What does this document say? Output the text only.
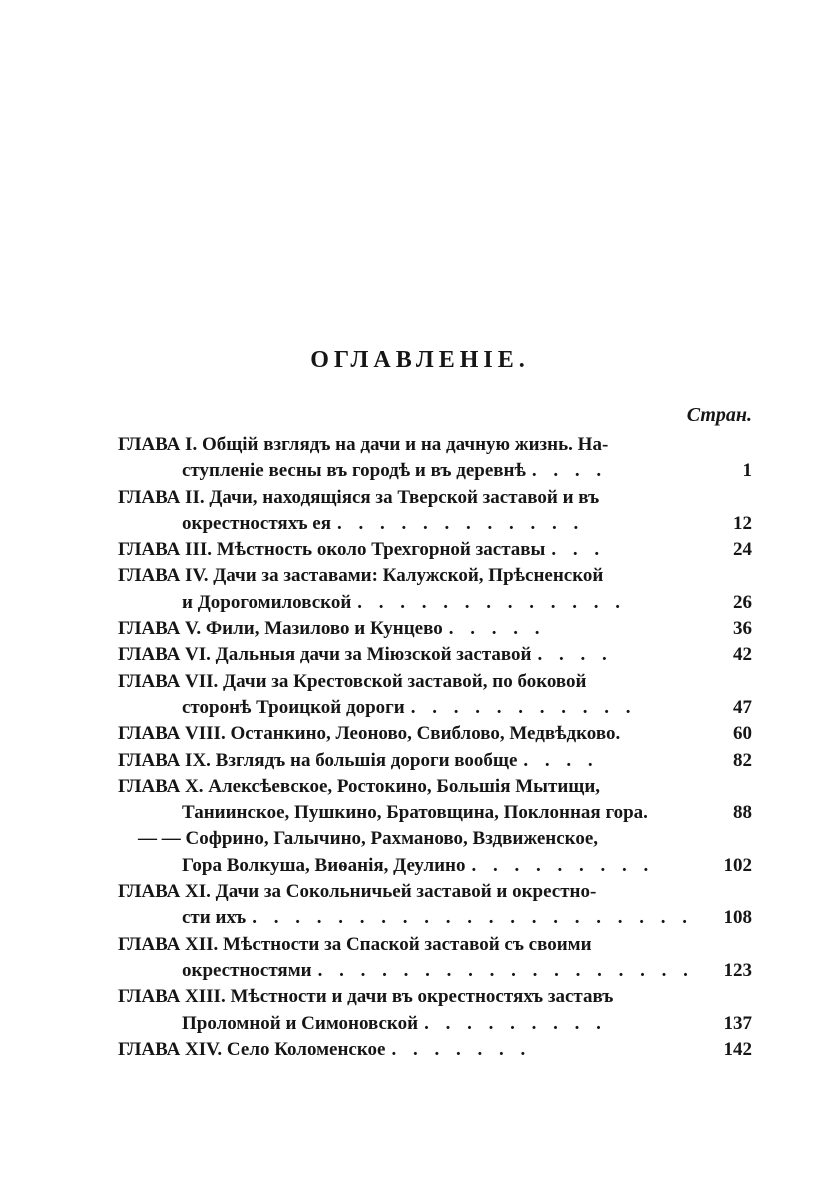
ОГЛАВЛЕНІЕ.
Стран.
ГЛАВА I. Общій взглядъ на дачи и на дачную жизнь. На-
ступленіе весны въ городѣ и въ деревнѣ . . . .	1
ГЛАВА II. Дачи, находящіяся за Тверской заставой и въ
окрестностяхъ ея . . . . . . . . . . . .	12
ГЛАВА III. Мѣстность около Трехгорной заставы . . .	24
ГЛАВА IV. Дачи за заставами: Калужской, Прѣсненской
и Дорогомиловской . . . . . . . . . . . . .	26
ГЛАВА V. Фили, Мазилово и Кунцево . . . . .	36
ГЛАВА VI. Дальныя дачи за Міюзской заставой . . . .	42
ГЛАВА VII. Дачи за Крестовской заставой, по боковой
сторонѣ Троицкой дороги . . . . . . . . . . .	47
ГЛАВА VIII. Останкино, Леоново, Свиблово, Медвѣдково.	60
ГЛАВА IX. Взглядъ на большія дороги вообще . . . .	82
ГЛАВА X. Алексѣевское, Ростокино, Большія Мытищи,
Таниинское, Пушкино, Братовщина, Поклонная гора.	88
— — Софрино, Галычино, Рахманово, Вздвиженское,
Гора Волкуша, Виѳанія, Деулино . . . . . . . . .	102
ГЛАВА XI. Дачи за Сокольничьей заставой и окрестно-
сти ихъ . . . . . . . . . . . . . . . . . . . . . 108
ГЛАВА XII. Мѣстности за Спаской заставой съ своими
окрестностями . . . . . . . . . . . . . . . . . . 123
ГЛАВА XIII. Мѣстности и дачи въ окрестностяхъ заставъ
Проломной и Симоновской . . . . . . . . .	137
ГЛАВА XIV. Село Коломенское . . . . . . .	142
